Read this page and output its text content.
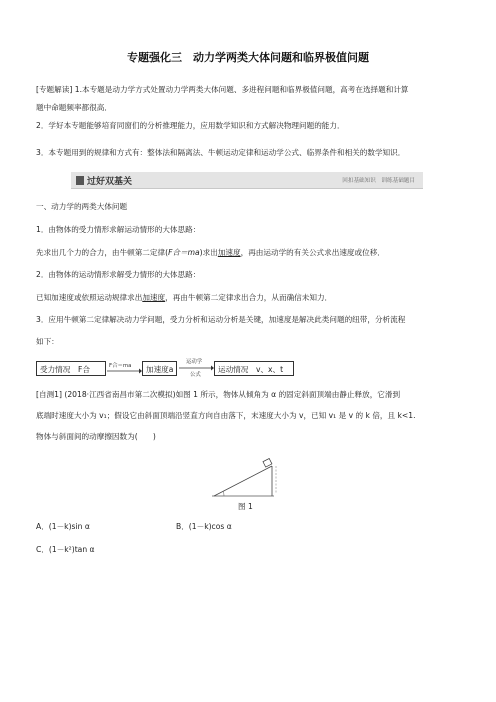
专题强化三　动力学两类大体问题和临界极值问题
[专题解读] 1.本专题是动力学方式处置动力学两类大体问题、多进程问题和临界极值问题，高考在选择题和计算
题中命题频率都很高．
2．学好本专题能够培育同窗们的分析推理能力，应用数学知识和方式解决物理问题的能力．
3．本专题用到的规律和方式有：整体法和隔离法、牛顿运动定律和运动学公式、临界条件和相关的数学知识．
过好双基关	回扣基础知识　训练基础题目
一、动力学的两类大体问题
1．由物体的受力情形求解运动情形的大体思路：
先求出几个力的合力，由牛顿第二定律(F合＝ma)求出加速度，再由运动学的有关公式求出速度或位移．
2．由物体的运动情形求解受力情形的大体思路：
已知加速度或依照运动规律求出加速度，再由牛顿第二定律求出合力，从而确信未知力．
3．应用牛顿第二定律解决动力学问题，受力分析和运动分析是关键，加速度是解决此类问题的纽带，分析流程
如下：
受力情况　F合	F合＝ma	加速度a
运动学
公式
运动情况　v、x、t
[自测1] (2018·江西省南昌市第二次模拟)如图 1 所示，物体从倾角为 α 的固定斜面顶端由静止释放，它滑到
底端时速度大小为 v₁；假设它由斜面顶端沿竖直方向自由落下，末速度大小为 v，已知 v₁ 是 v 的 k 倍，且 k<1.
物体与斜面间的动摩擦因数为(　　)
图 1
A．(1－k)sin α	B．(1－k)cos α
C．(1－k²)tan α
